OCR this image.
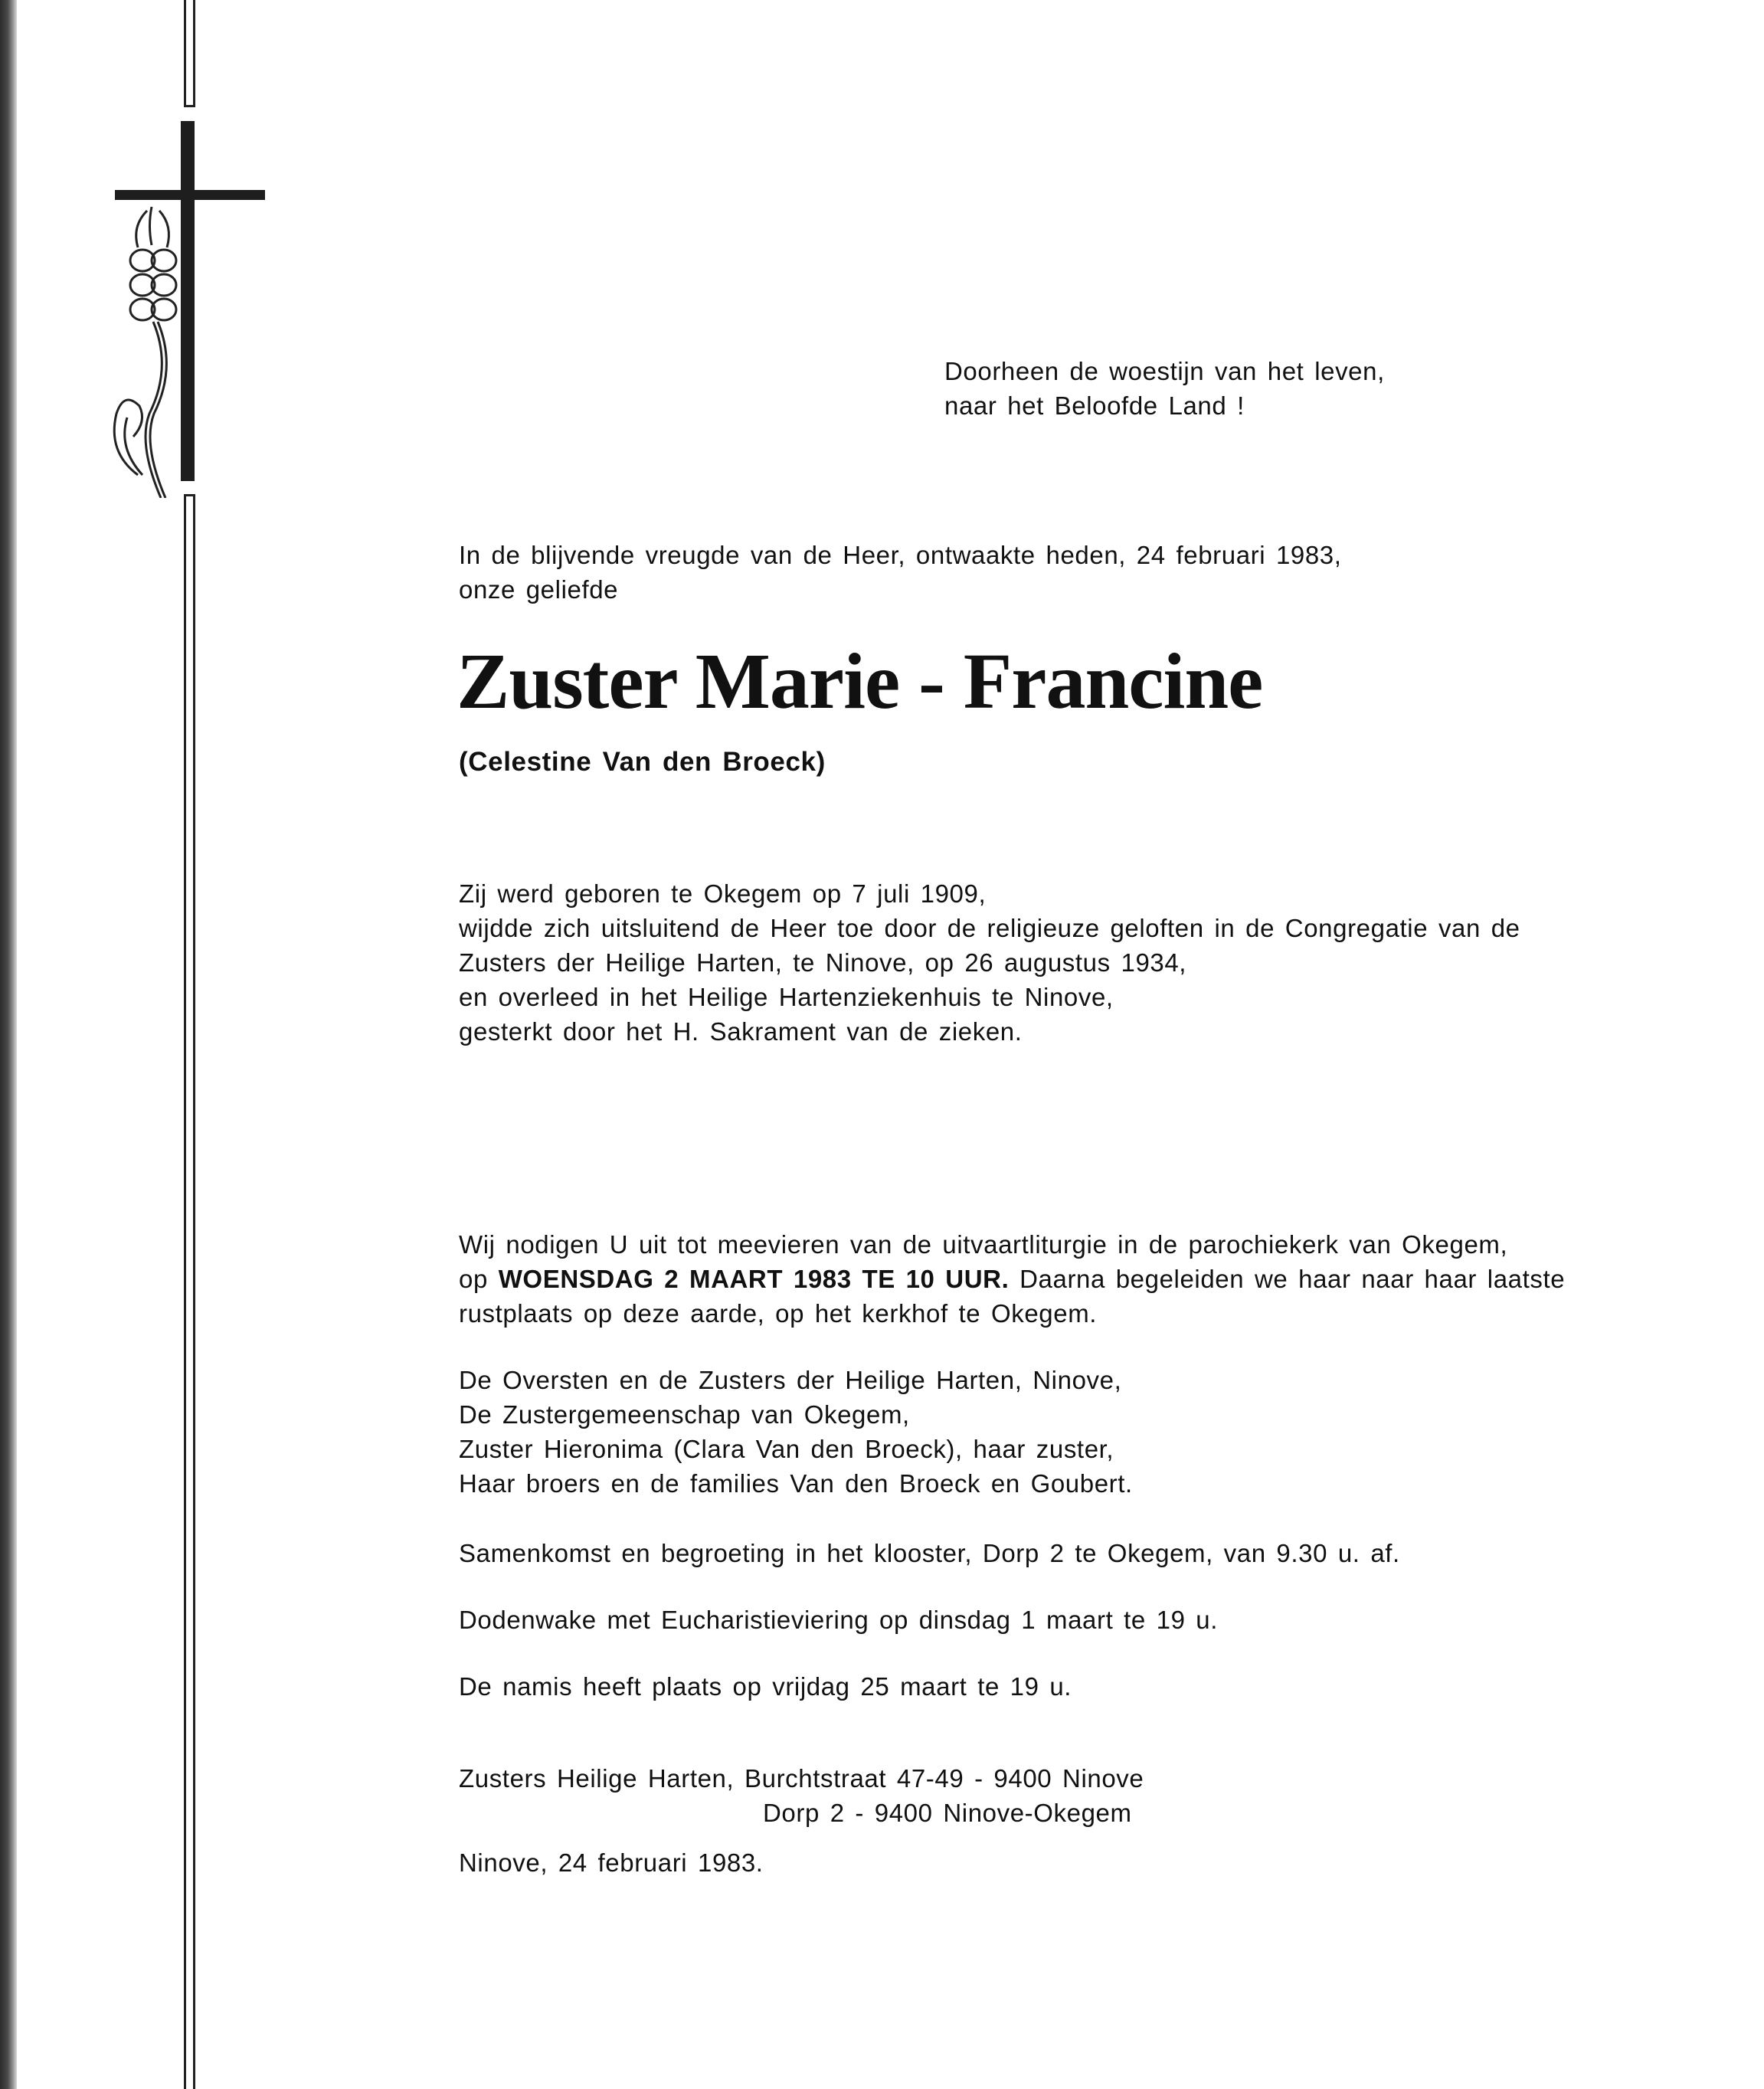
Doorheen de woestijn van het leven,
naar het Beloofde Land !
In de blijvende vreugde van de Heer, ontwaakte heden, 24 februari 1983,
onze geliefde
Zuster Marie - Francine
(Celestine Van den Broeck)
Zij werd geboren te Okegem op 7 juli 1909,
wijdde zich uitsluitend de Heer toe door de religieuze geloften in de Congregatie van de
Zusters der Heilige Harten, te Ninove, op 26 augustus 1934,
en overleed in het Heilige Hartenziekenhuis te Ninove,
gesterkt door het H. Sakrament van de zieken.
Wij nodigen U uit tot meevieren van de uitvaartliturgie in de parochiekerk van Okegem,
op WOENSDAG 2 MAART 1983 TE 10 UUR. Daarna begeleiden we haar naar haar laatste
rustplaats op deze aarde, op het kerkhof te Okegem.
De Oversten en de Zusters der Heilige Harten, Ninove,
De Zustergemeenschap van Okegem,
Zuster Hieronima (Clara Van den Broeck), haar zuster,
Haar broers en de families Van den Broeck en Goubert.
Samenkomst en begroeting in het klooster, Dorp 2 te Okegem, van 9.30 u. af.
Dodenwake met Eucharistieviering op dinsdag 1 maart te 19 u.
De namis heeft plaats op vrijdag 25 maart te 19 u.
Zusters Heilige Harten, Burchtstraat 47-49 - 9400 Ninove
Dorp 2 - 9400 Ninove-Okegem
Ninove, 24 februari 1983.
